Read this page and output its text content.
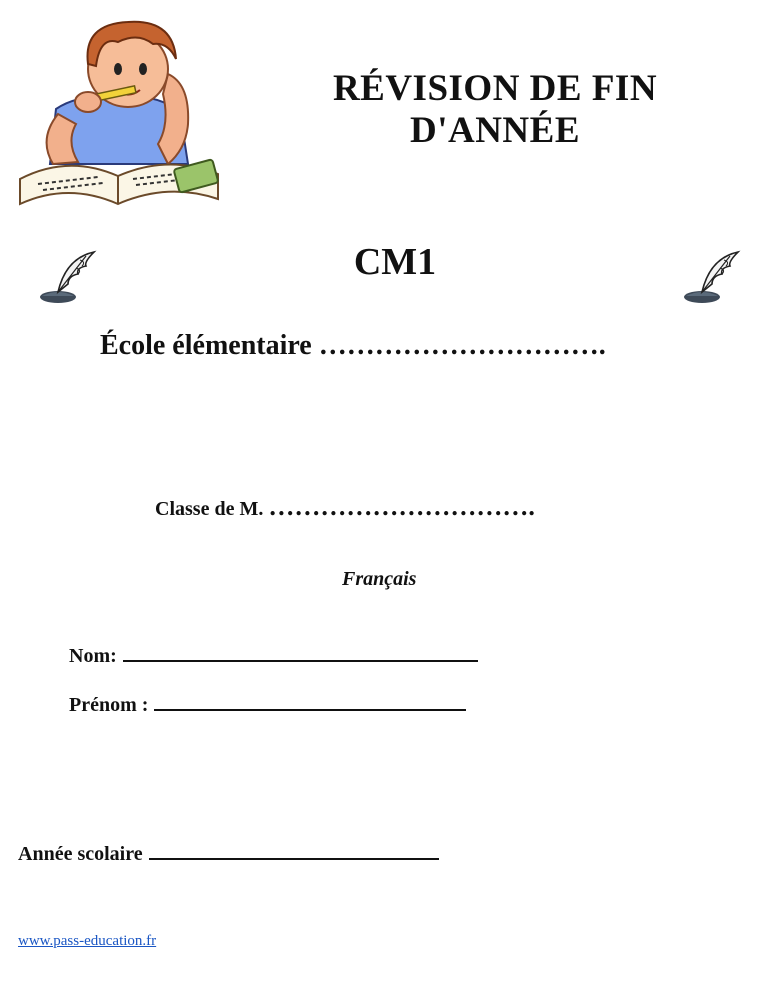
RÉVISION DE FIN
D'ANNÉE
CM1
École élémentaire ………………………….
Classe de M. ………………………….
Français
Nom:
Prénom :
Année scolaire
www.pass-education.fr
